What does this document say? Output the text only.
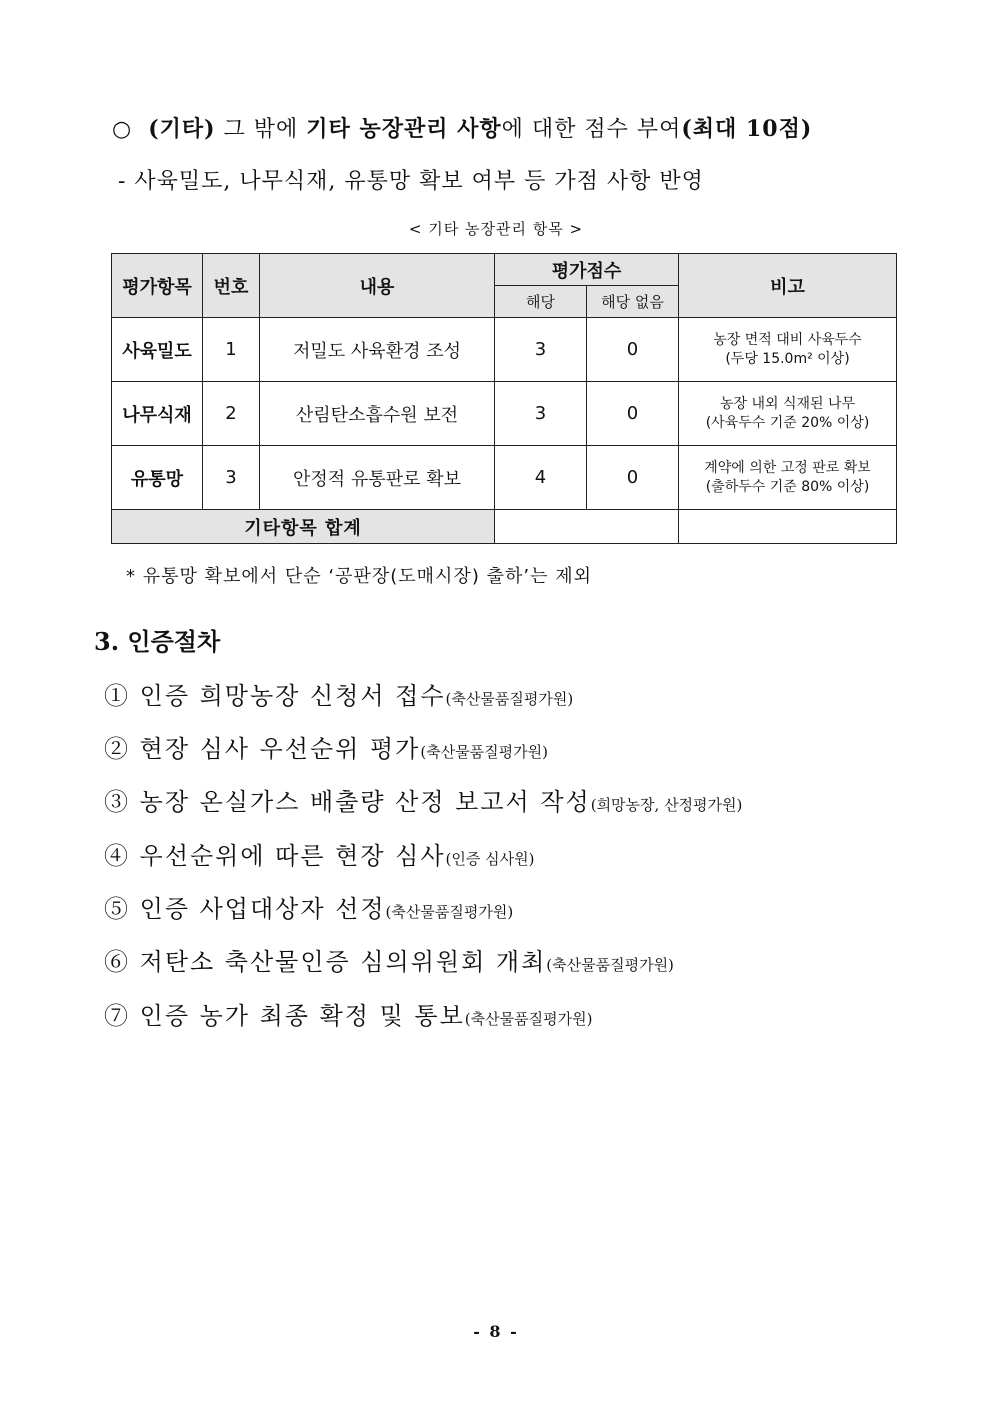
○ (기타) 그 밖에 기타 농장관리 사항에 대한 점수 부여(최대 10점)
- 사육밀도, 나무식재, 유통망 확보 여부 등 가점 사항 반영
< 기타 농장관리 항목 >
평가항목	번호	내용	평가점수		비고
			해당	해당 없음	
사육밀도	1	저밀도 사육환경 조성	3	0	농장 면적 대비 사육두수
(두당 15.0m² 이상)

나무식재	2	산림탄소흡수원 보전	3	0	농장 내외 식재된 나무
(사육두수 기준 20% 이상)

유통망	3	안정적 유통판로 확보	4	0	계약에 의한 고정 판로 확보
(출하두수 기준 80% 이상)

기타항목 합계					
* 유통망 확보에서 단순 ‘공판장(도매시장) 출하’는 제외
3. 인증절차
① 인증 희망농장 신청서 접수(축산물품질평가원)
② 현장 심사 우선순위 평가(축산물품질평가원)
③ 농장 온실가스 배출량 산정 보고서 작성(희망농장, 산정평가원)
④ 우선순위에 따른 현장 심사(인증 심사원)
⑤ 인증 사업대상자 선정(축산물품질평가원)
⑥ 저탄소 축산물인증 심의위원회 개최(축산물품질평가원)
⑦ 인증 농가 최종 확정 및 통보(축산물품질평가원)
- 8 -
